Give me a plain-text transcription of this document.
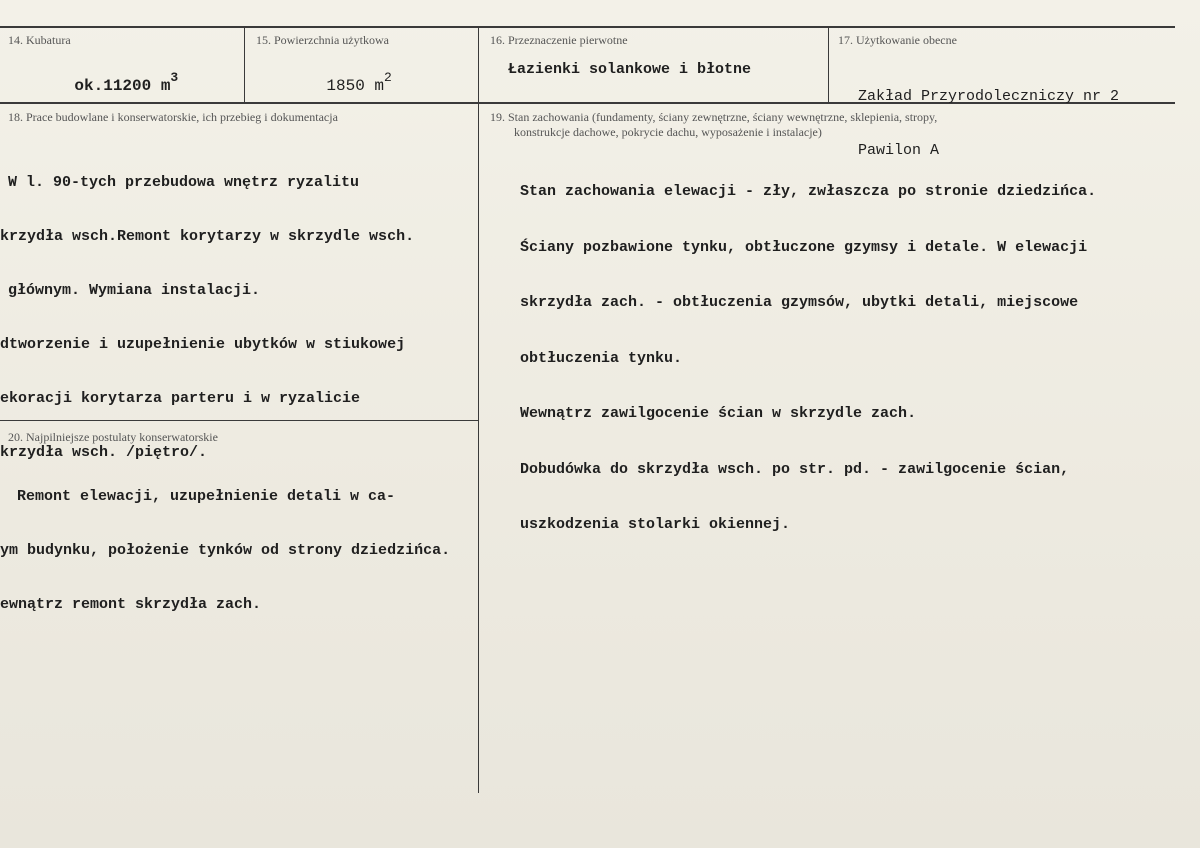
14. Kubatura

ok.11200 $m^3$

15. Powierzchnia użytkowa

1850 $m^2$

16. Przeznaczenie pierwotne
Łazienki solankowe i błotne
17. Użytkowanie obecne

Zakład Przyrodoleczniczy nr 2

Pawilon A

18. Prace budowlane i konserwatorskie, ich przebieg i dokumentacja

W l. 90-tych przebudowa wnętrz ryzalitu

krzydła wsch.Remont korytarzy w skrzydle wsch.

głównym. Wymiana instalacji.

dtworzenie i uzupełnienie ubytków w stiukowej

ekoracji korytarza parteru i w ryzalicie

krzydła wsch. /piętro/.

19. Stan zachowania (fundamenty, ściany zewnętrzne, ściany wewnętrzne, sklepienia, stropy,
konstrukcje dachowe, pokrycie dachu, wyposażenie i instalacje)

Stan zachowania elewacji - zły, zwłaszcza po stronie dziedzińca.

Ściany pozbawione tynku, obtłuczone gzymsy i detale. W elewacji

skrzydła zach. - obtłuczenia gzymsów, ubytki detali, miejscowe

obtłuczenia tynku.

Wewnątrz zawilgocenie ścian w skrzydle zach.

Dobudówka do skrzydła wsch. po str. pd. - zawilgocenie ścian,

uszkodzenia stolarki okiennej.

20. Najpilniejsze postulaty konserwatorskie

Remont elewacji, uzupełnienie detali w ca-

ym budynku, położenie tynków od strony dziedzińca.

ewnątrz remont skrzydła zach.
